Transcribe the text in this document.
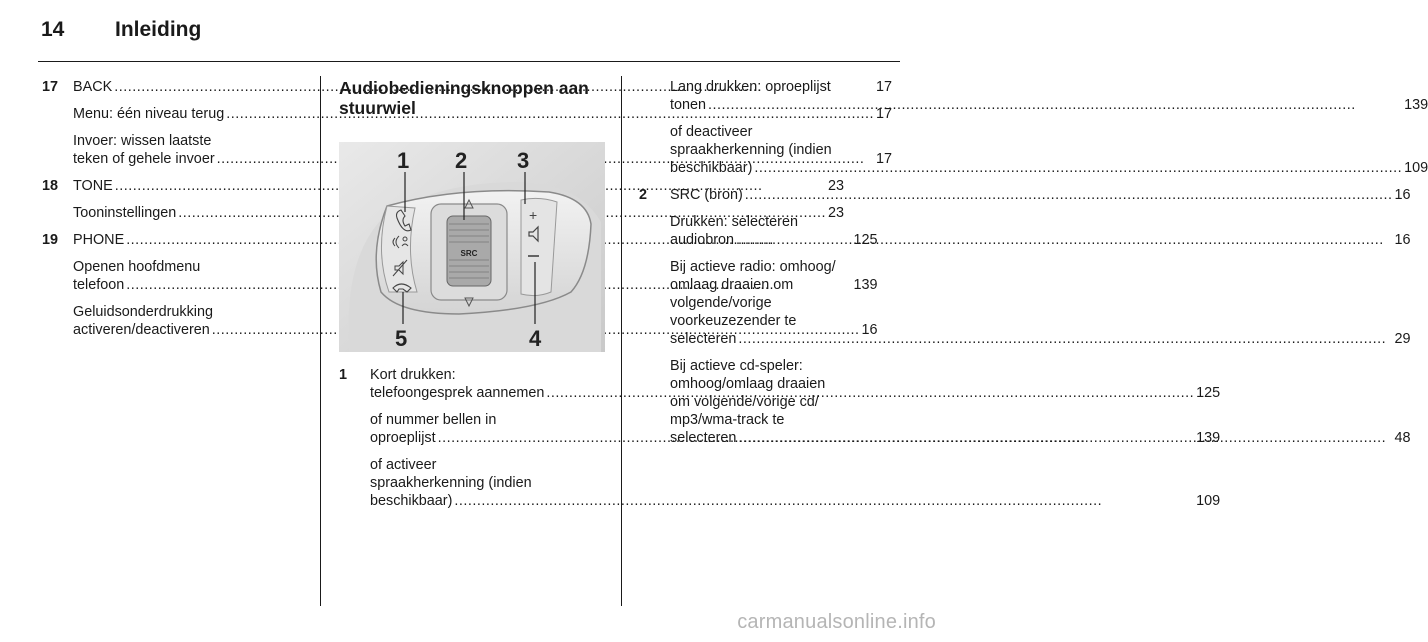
14	Inleiding
17	BACK .....	17
Menu: één niveau terug .....	17
Invoer: wissen laatste
teken of gehele invoer .....	17
18	TONE .....	23
Tooninstellingen .....	23
19	PHONE .....	125
Openen hoofdmenu
telefoon .....	139
Geluidsonderdrukking
activeren/deactiveren .....	16
Audiobedieningsknoppen aan stuurwiel
SRC
+
1 2 3
4
5
1	Kort drukken:
telefoongesprek aannemen .....	125
of nummer bellen in
oproeplijst .....	139
of activeer
spraakherkenning (indien
beschikbaar) .....	109
Lang drukken: oproeplijst
tonen .....	139
of deactiveer
spraakherkenning (indien
beschikbaar) .....	109
2	SRC (bron) .....	16
Drukken: selecteren
audiobron .....	16
Bij actieve radio: omhoog/
omlaag draaien om
volgende/vorige
voorkeuzezender te
selecteren .....	29
Bij actieve cd-speler:
omhoog/omlaag draaien
om volgende/vorige cd/
mp3/wma-track te
selecteren .....	48
carmanualsonline.info
